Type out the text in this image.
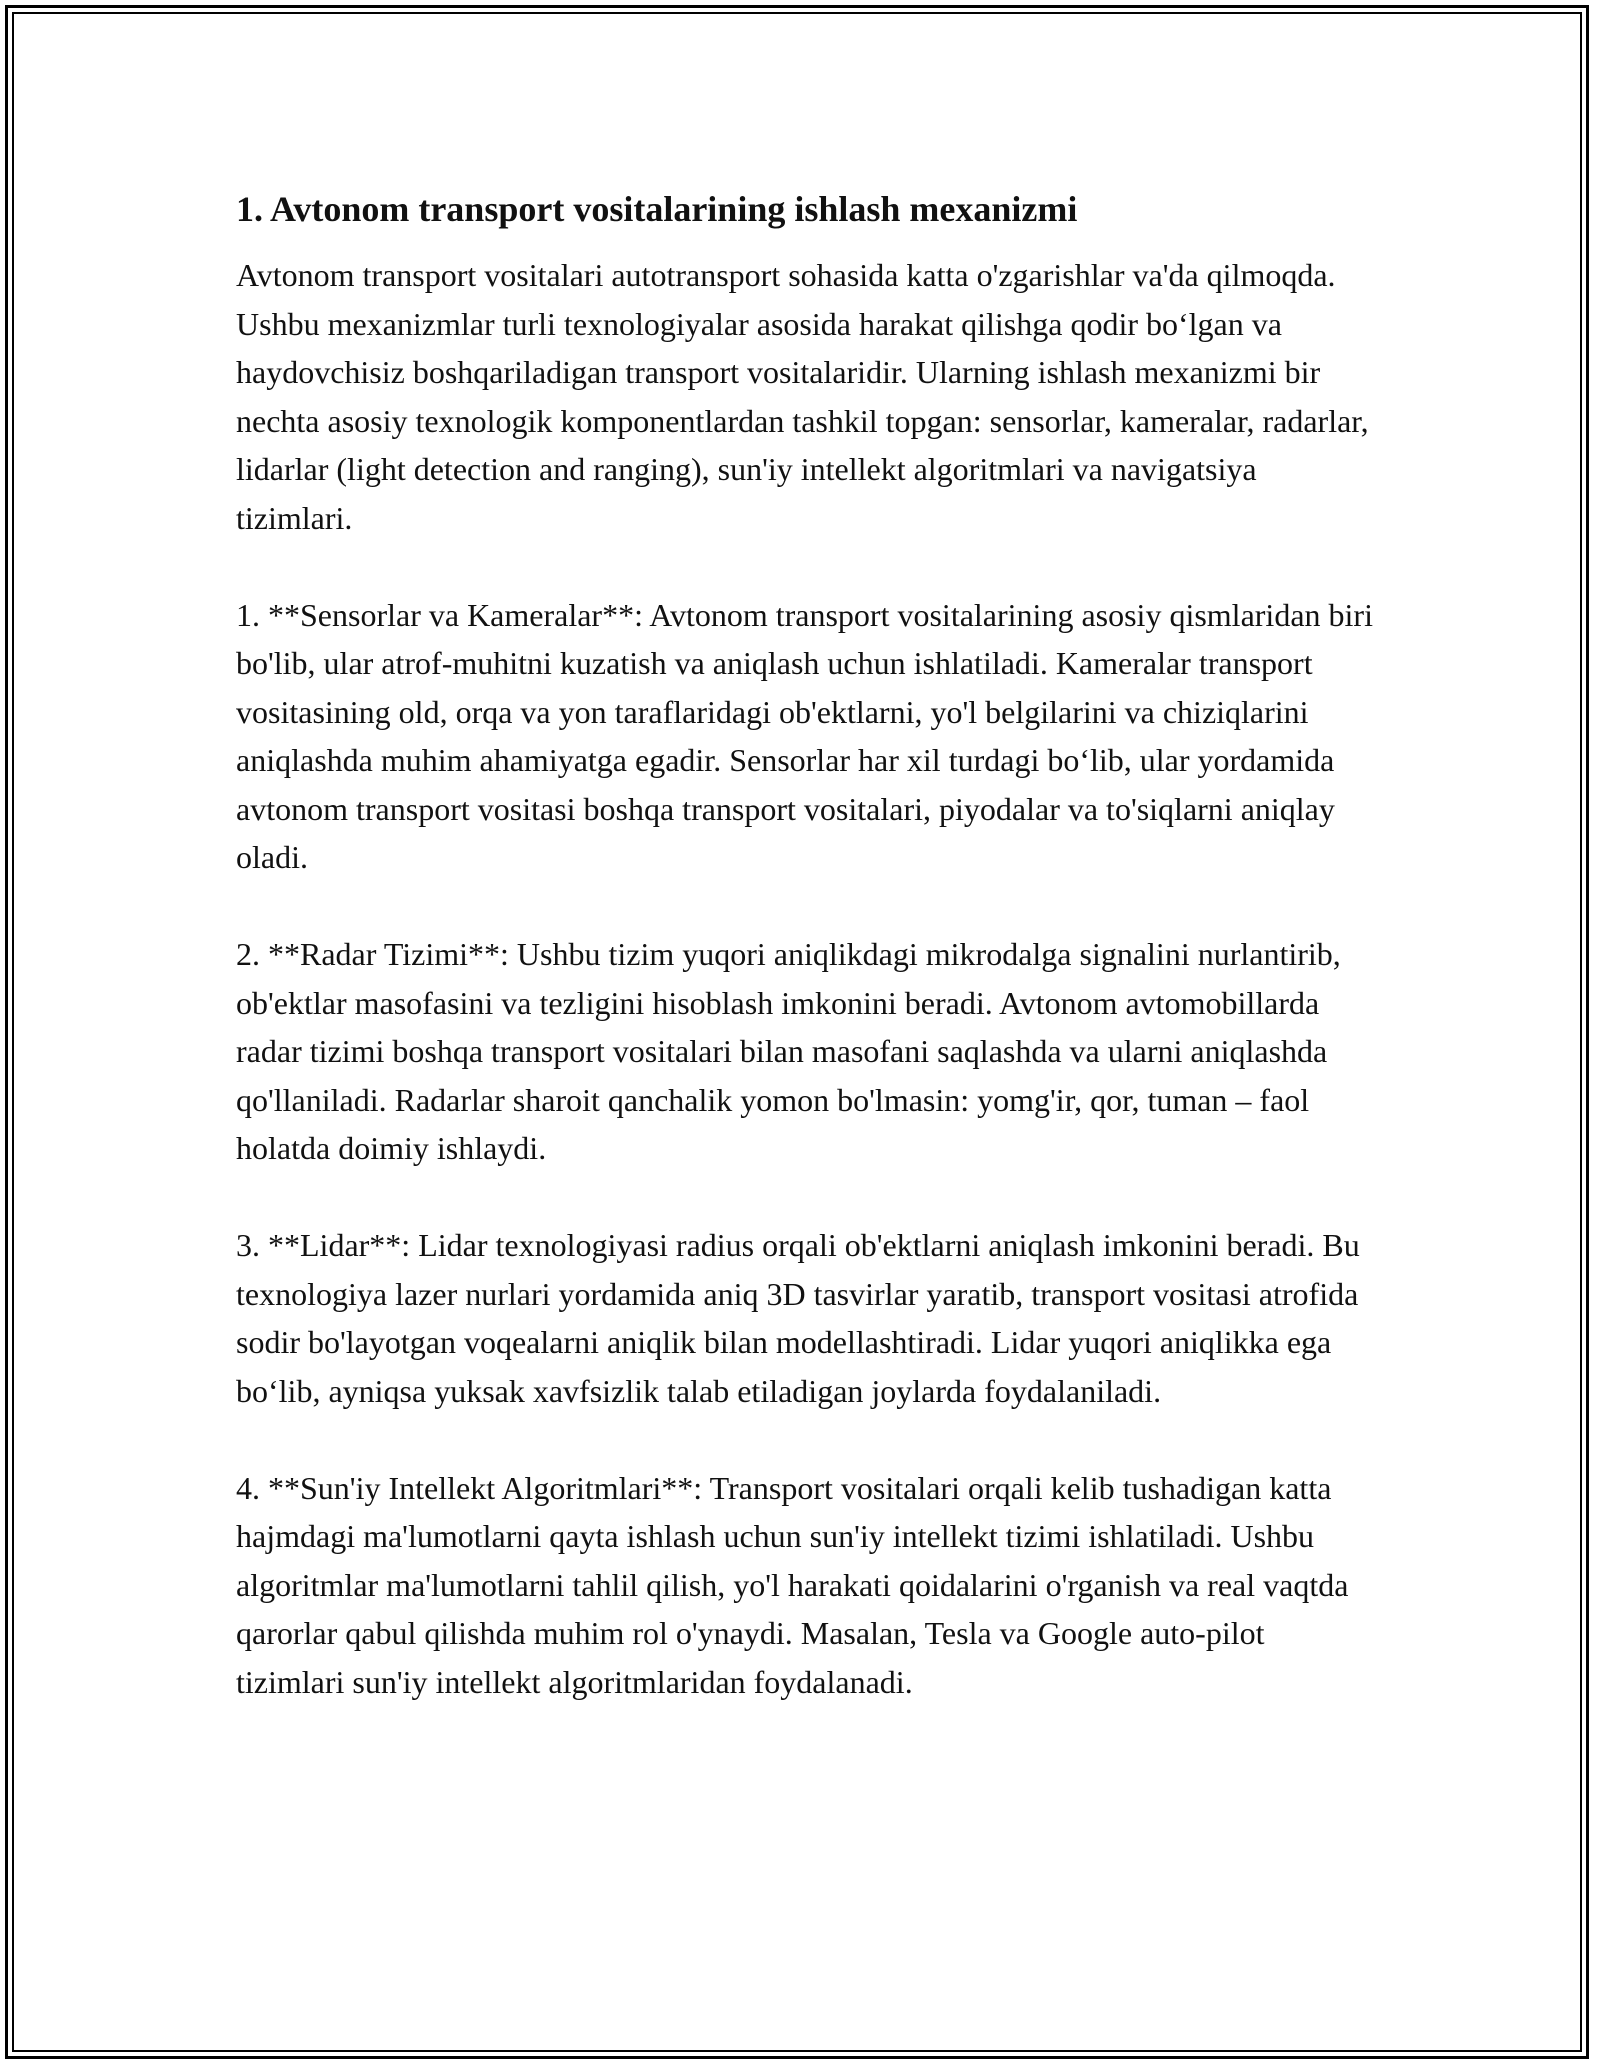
1. Avtonom transport vositalarining ishlash mexanizmi

Avtonom transport vositalari autotransport sohasida katta o'zgarishlar va'da qilmoqda. Ushbu mexanizmlar turli texnologiyalar asosida harakat qilishga qodir bo‘lgan va haydovchisiz boshqariladigan transport vositalaridir. Ularning ishlash mexanizmi bir nechta asosiy texnologik komponentlardan tashkil topgan: sensorlar, kameralar, radarlar, lidarlar (light detection and ranging), sun'iy intellekt algoritmlari va navigatsiya tizimlari.

1. **Sensorlar va Kameralar**: Avtonom transport vositalarining asosiy qismlaridan biri bo'lib, ular atrof-muhitni kuzatish va aniqlash uchun ishlatiladi. Kameralar transport vositasining old, orqa va yon taraflaridagi ob'ektlarni, yo'l belgilarini va chiziqlarini aniqlashda muhim ahamiyatga egadir. Sensorlar har xil turdagi bo‘lib, ular yordamida avtonom transport vositasi boshqa transport vositalari, piyodalar va to'siqlarni aniqlay oladi.

2. **Radar Tizimi**: Ushbu tizim yuqori aniqlikdagi mikrodalga signalini nurlantirib, ob'ektlar masofasini va tezligini hisoblash imkonini beradi. Avtonom avtomobillarda radar tizimi boshqa transport vositalari bilan masofani saqlashda va ularni aniqlashda qo'llaniladi. Radarlar sharoit qanchalik yomon bo'lmasin: yomg'ir, qor, tuman – faol holatda doimiy ishlaydi.

3. **Lidar**: Lidar texnologiyasi radius orqali ob'ektlarni aniqlash imkonini beradi. Bu texnologiya lazer nurlari yordamida aniq 3D tasvirlar yaratib, transport vositasi atrofida sodir bo'layotgan voqealarni aniqlik bilan modellashtiradi. Lidar yuqori aniqlikka ega bo‘lib, ayniqsa yuksak xavfsizlik talab etiladigan joylarda foydalaniladi.

4. **Sun'iy Intellekt Algoritmlari**: Transport vositalari orqali kelib tushadigan katta hajmdagi ma'lumotlarni qayta ishlash uchun sun'iy intellekt tizimi ishlatiladi. Ushbu algoritmlar ma'lumotlarni tahlil qilish, yo'l harakati qoidalarini o'rganish va real vaqtda qarorlar qabul qilishda muhim rol o'ynaydi. Masalan, Tesla va Google auto-pilot tizimlari sun'iy intellekt algoritmlaridan foydalanadi.
